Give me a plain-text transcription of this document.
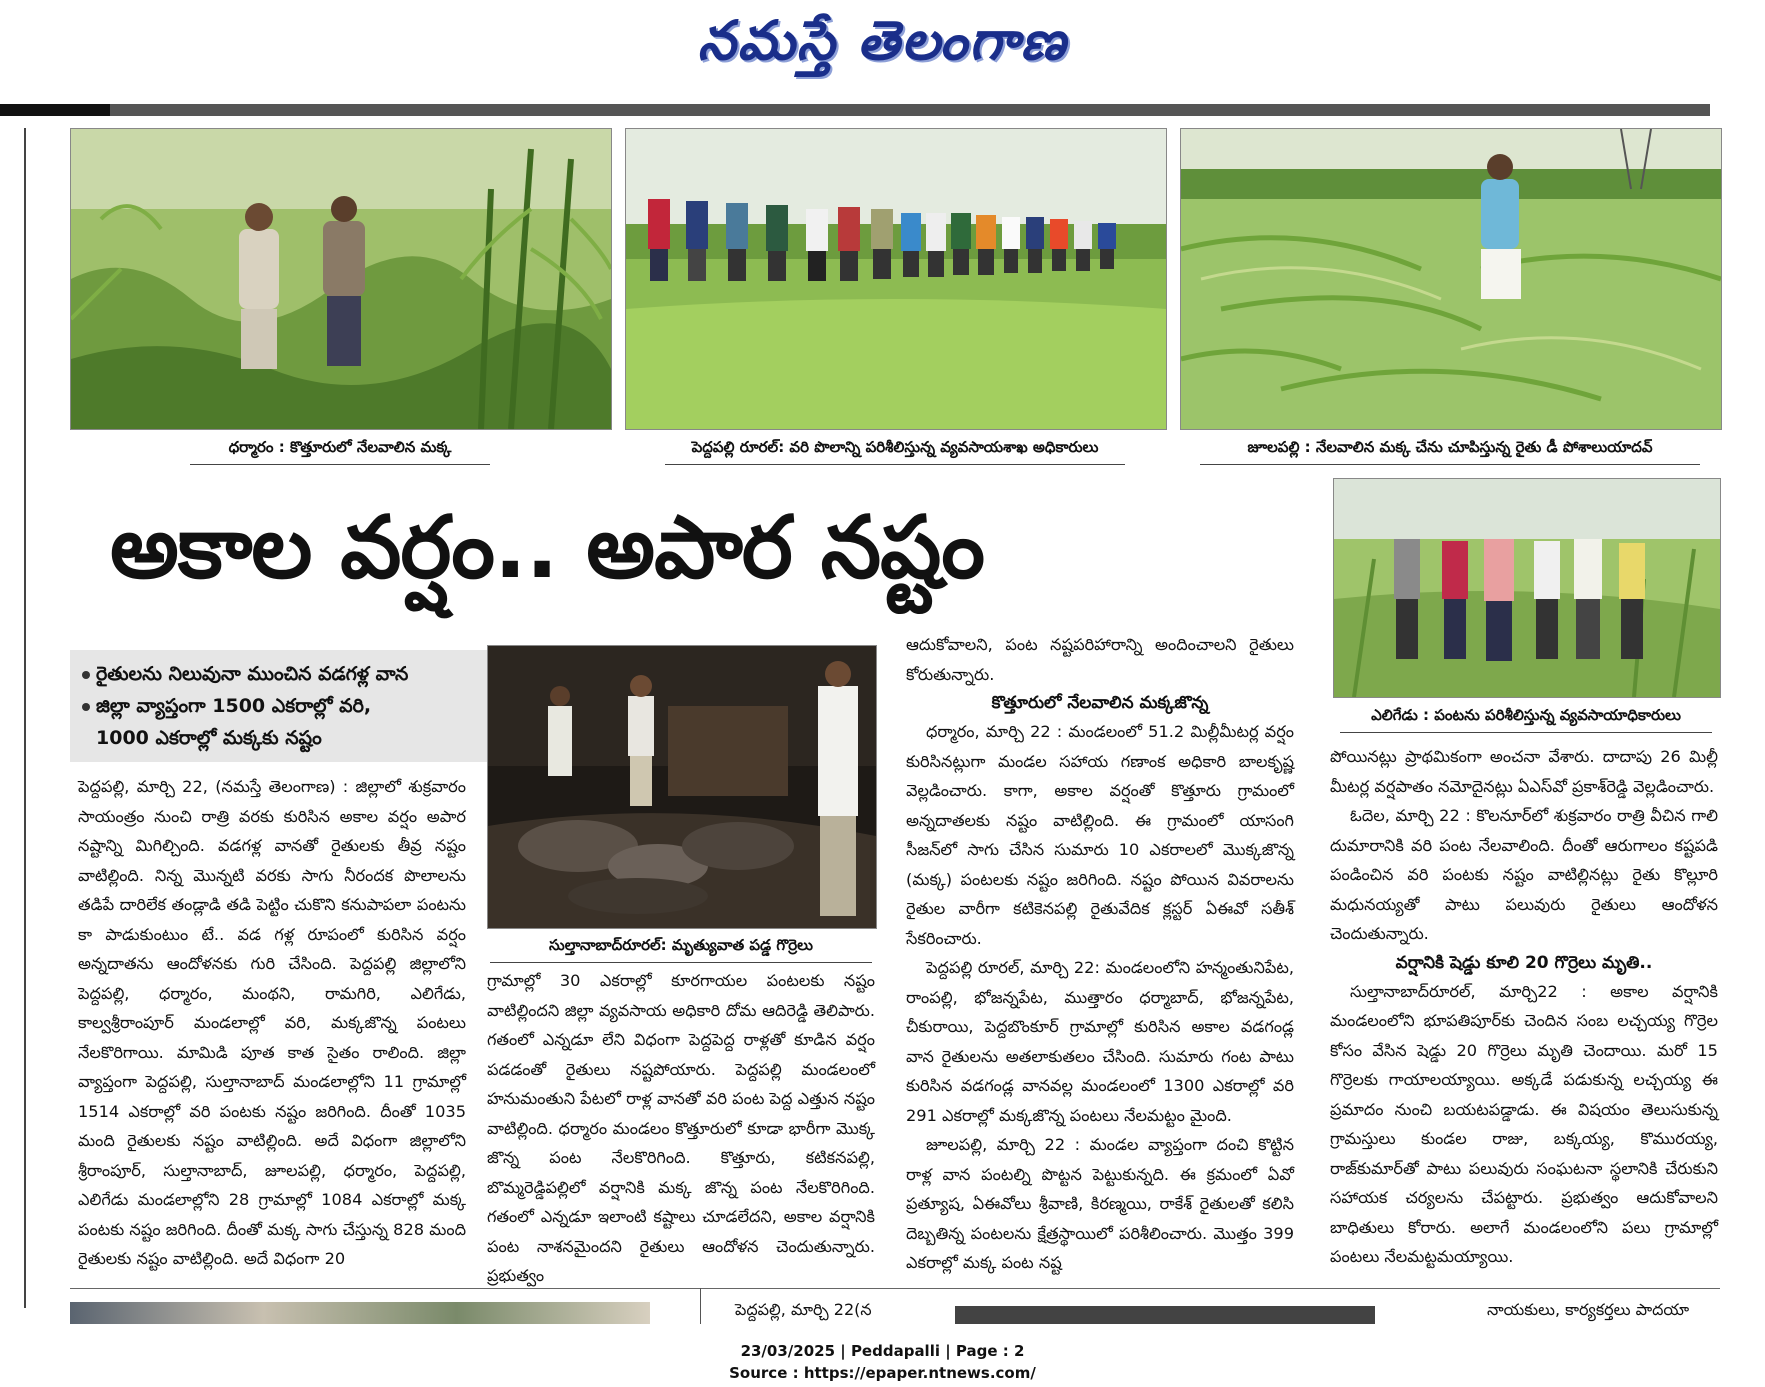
నమస్తే తెలంగాణ
ధర్మారం : కొత్తూరులో నేలవాలిన మక్క	పెద్దపల్లి రూరల్: వరి పొలాన్ని పరిశీలిస్తున్న వ్యవసాయశాఖ అధికారులు	జూలపల్లి : నేలవాలిన మక్క చేను చూపిస్తున్న రైతు డీ పోశాలుయాదవ్
అకాల వర్షం.. అపార నష్టం
ఎలిగేడు : పంటను పరిశీలిస్తున్న వ్యవసాయాధికారులు
రైతులను నిలువునా ముంచిన వడగళ్ల వాన
జిల్లా వ్యాప్తంగా 1500 ఎకరాల్లో వరి,
1000 ఎకరాల్లో మక్కకు నష్టం
సుల్తానాబాద్‌రూరల్: మృత్యువాత పడ్డ గొర్రెలు

పెద్దపల్లి, మార్చి 22, (నమస్తే తెలంగాణ) : జిల్లాలో శుక్రవారం సాయంత్రం నుంచి రాత్రి వరకు కురిసిన అకాల వర్షం అపార నష్టాన్ని మిగిల్చింది. వడగళ్ల వానతో రైతులకు తీవ్ర నష్టం వాటిల్లింది. నిన్న మొన్నటి వరకు సాగు నీరందక పొలాలను తడిపే దారిలేక తండ్లాడి తడి పెట్టిం చుకొని కనుపాపలా పంటను కా పాడుకుంటుం టే.. వడ గళ్ల రూపంలో కురిసిన వర్షం అన్నదాతను ఆందోళనకు గురి చేసింది. పెద్దపల్లి జిల్లాలోని పెద్దపల్లి, ధర్మారం, మంథని, రామగిరి, ఎలిగేడు, కాల్వశ్రీరాంపూర్ మండలాల్లో వరి, మక్కజొన్న పంటలు నేలకొరిగాయి. మామిడి పూత కాత సైతం రాలింది. జిల్లా వ్యాప్తంగా పెద్దపల్లి, సుల్తానాబాద్ మండలాల్లోని 11 గ్రామాల్లో 1514 ఎకరాల్లో వరి పంటకు నష్టం జరిగింది. దీంతో 1035 మంది రైతులకు నష్టం వాటిల్లింది. అదే విధంగా జిల్లాలోని శ్రీరాంపూర్, సుల్తానాబాద్, జూలపల్లి, ధర్మారం, పెద్దపల్లి, ఎలిగేడు మండలాల్లోని 28 గ్రామాల్లో 1084 ఎకరాల్లో మక్క పంటకు నష్టం జరిగింది. దీంతో మక్క సాగు చేస్తున్న 828 మంది రైతులకు నష్టం వాటిల్లింది. అదే విధంగా 20

గ్రామాల్లో 30 ఎకరాల్లో కూరగాయల పంటలకు నష్టం వాటిల్లిందని జిల్లా వ్యవసాయ అధికారి దోమ ఆదిరెడ్డి తెలిపారు. గతంలో ఎన్నడూ లేని విధంగా పెద్దపెద్ద రాళ్లతో కూడిన వర్షం పడడంతో రైతులు నష్టపోయారు. పెద్దపల్లి మండలంలో హనుమంతుని పేటలో రాళ్ల వానతో వరి పంట పెద్ద ఎత్తున నష్టం వాటిల్లింది. ధర్మారం మండలం కొత్తూరులో కూడా భారీగా మొక్క జొన్న పంట నేలకొరిగింది. కొత్తూరు, కటికనపల్లి, బొమ్మరెడ్డిపల్లిలో వర్షానికి మక్క జొన్న పంట నేలకొరిగింది. గతంలో ఎన్నడూ ఇలాంటి కష్టాలు చూడలేదని, అకాల వర్షానికి పంట నాశనమైందని రైతులు ఆందోళన చెందుతున్నారు. ప్రభుత్వం

ఆదుకోవాలని, పంట నష్టపరిహారాన్ని అందించాలని రైతులు కోరుతున్నారు.

కొత్తూరులో నేలవాలిన మక్కజొన్న

ధర్మారం, మార్చి 22 : మండలంలో 51.2 మిల్లీమీటర్ల వర్షం కురిసినట్లుగా మండల సహాయ గణాంక అధికారి బాలకృష్ణ వెల్లడించారు. కాగా, అకాల వర్షంతో కొత్తూరు గ్రామంలో అన్నదాతలకు నష్టం వాటిల్లింది. ఈ గ్రామంలో యాసంగి సీజన్‌లో సాగు చేసిన సుమారు 10 ఎకరాలలో మొక్కజొన్న (మక్క) పంటలకు నష్టం జరిగింది. నష్టం పోయిన వివరాలను రైతుల వారీగా కటికెనపల్లి రైతువేదిక క్లస్టర్ ఏఈవో సతీశ్ సేకరించారు.

పెద్దపల్లి రూరల్, మార్చి 22: మండలంలోని హన్మంతునిపేట, రాంపల్లి, భోజన్నపేట, ముత్తారం ధర్మాబాద్, భోజన్నపేట, చీకురాయి, పెద్దబొంకూర్ గ్రామాల్లో కురిసిన అకాల వడగండ్ల వాన రైతులను అతలాకుతలం చేసింది. సుమారు గంట పాటు కురిసిన వడగండ్ల వానవల్ల మండలంలో 1300 ఎకరాల్లో వరి 291 ఎకరాల్లో మక్కజొన్న పంటలు నేలమట్టం మైంది.

జూలపల్లి, మార్చి 22 : మండల వ్యాప్తంగా దంచి కొట్టిన రాళ్ల వాన పంటల్ని పొట్టన పెట్టుకున్నది. ఈ క్రమంలో ఏవో ప్రత్యూష, ఏఈవోలు శ్రీవాణి, కిరణ్మయి, రాకేశ్ రైతులతో కలిసి దెబ్బతిన్న పంటలను క్షేత్రస్థాయిలో పరిశీలించారు. మొత్తం 399 ఎకరాల్లో మక్క పంట నష్ట

పోయినట్లు ప్రాథమికంగా అంచనా వేశారు. దాదాపు 26 మిల్లీ మీటర్ల వర్షపాతం నమోదైనట్లు ఏఎస్‌వో ప్రకాశ్‌రెడ్డి వెల్లడించారు.

ఓదెల, మార్చి 22 : కొలనూర్‌లో శుక్రవారం రాత్రి వీచిన గాలి దుమారానికి వరి పంట నేలవాలింది. దీంతో ఆరుగాలం కష్టపడి పండించిన వరి పంటకు నష్టం వాటిల్లినట్లు రైతు కొల్లూరి మధునయ్యతో పాటు పలువురు రైతులు ఆందోళన చెందుతున్నారు.

వర్షానికి షెడ్డు కూలి 20 గొర్రెలు మృతి..

సుల్తానాబాద్‌రూరల్, మార్చి22 : అకాల వర్షానికి మండలంలోని భూపతిపూర్‌కు చెందిన సంబ లచ్చయ్య గొర్రెల కోసం వేసిన షెడ్డు 20 గొర్రెలు మృతి చెందాయి. మరో 15 గొర్రెలకు గాయాలయ్యాయి. అక్కడే పడుకున్న లచ్చయ్య ఈ ప్రమాదం నుంచి బయటపడ్డాడు. ఈ విషయం తెలుసుకున్న గ్రామస్తులు కుండల రాజు, బక్కయ్య, కొమురయ్య, రాజ్‌కుమార్‌తో పాటు పలువురు సంఘటనా స్థలానికి చేరుకుని సహాయక చర్యలను చేపట్టారు. ప్రభుత్వం ఆదుకోవాలని బాధితులు కోరారు. అలాగే మండలంలోని పలు గ్రామాల్లో పంటలు నేలమట్టమయ్యాయి.

పెద్దపల్లి, మార్చి 22(న	నాయకులు, కార్యకర్తలు పాదయా
23/03/2025 | Peddapalli | Page : 2
Source : https://epaper.ntnews.com/
